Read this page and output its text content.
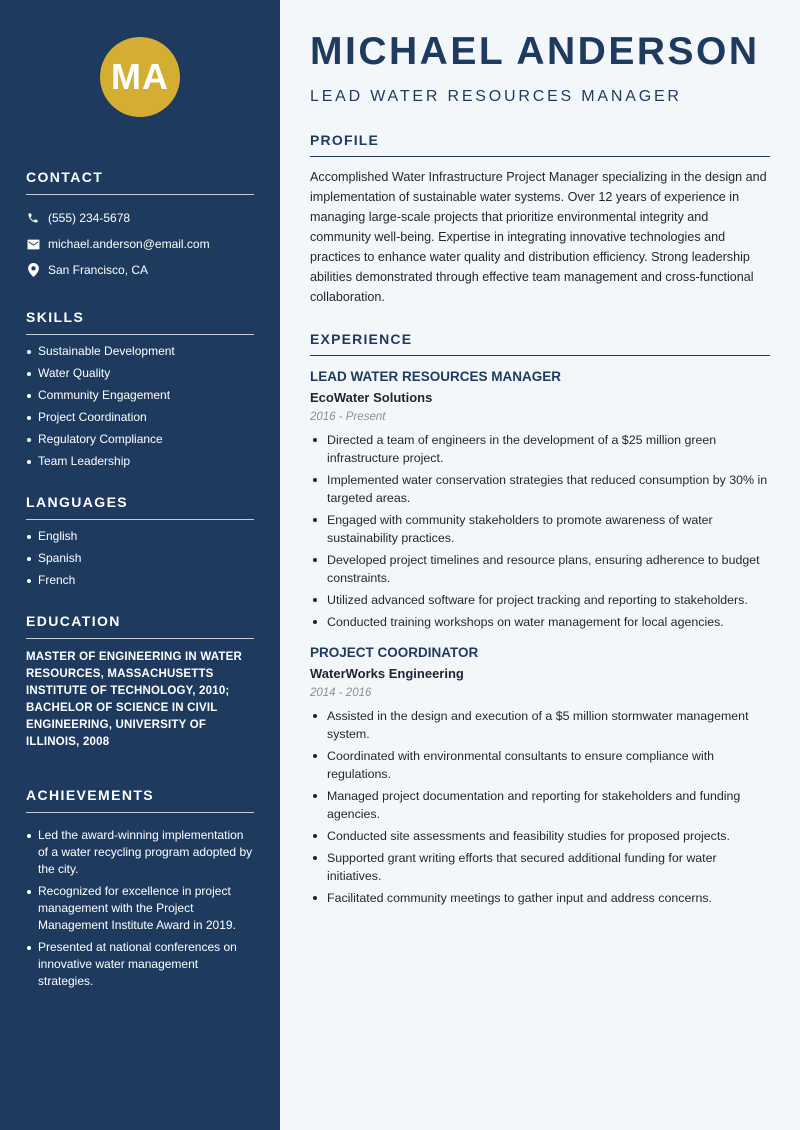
MA
CONTACT
(555) 234-5678
michael.anderson@email.com
San Francisco, CA
SKILLS
Sustainable Development
Water Quality
Community Engagement
Project Coordination
Regulatory Compliance
Team Leadership
LANGUAGES
English
Spanish
French
EDUCATION

MASTER OF ENGINEERING IN WATER RESOURCES, MASSACHUSETTS INSTITUTE OF TECHNOLOGY, 2010; BACHELOR OF SCIENCE IN CIVIL ENGINEERING, UNIVERSITY OF ILLINOIS, 2008

ACHIEVEMENTS
Led the award-winning implementation of a water recycling program adopted by the city.
Recognized for excellence in project management with the Project Management Institute Award in 2019.
Presented at national conferences on innovative water management strategies.
MICHAEL ANDERSON
LEAD WATER RESOURCES MANAGER
PROFILE

Accomplished Water Infrastructure Project Manager specializing in the design and implementation of sustainable water systems. Over 12 years of experience in managing large-scale projects that prioritize environmental integrity and community well-being. Expertise in integrating innovative technologies and practices to enhance water quality and distribution efficiency. Strong leadership abilities demonstrated through effective team management and cross-functional collaboration.

EXPERIENCE
LEAD WATER RESOURCES MANAGER
EcoWater Solutions
2016 - Present
Directed a team of engineers in the development of a $25 million green infrastructure project.
Implemented water conservation strategies that reduced consumption by 30% in targeted areas.
Engaged with community stakeholders to promote awareness of water sustainability practices.
Developed project timelines and resource plans, ensuring adherence to budget constraints.
Utilized advanced software for project tracking and reporting to stakeholders.
Conducted training workshops on water management for local agencies.
PROJECT COORDINATOR
WaterWorks Engineering
2014 - 2016
Assisted in the design and execution of a $5 million stormwater management system.
Coordinated with environmental consultants to ensure compliance with regulations.
Managed project documentation and reporting for stakeholders and funding agencies.
Conducted site assessments and feasibility studies for proposed projects.
Supported grant writing efforts that secured additional funding for water initiatives.
Facilitated community meetings to gather input and address concerns.
